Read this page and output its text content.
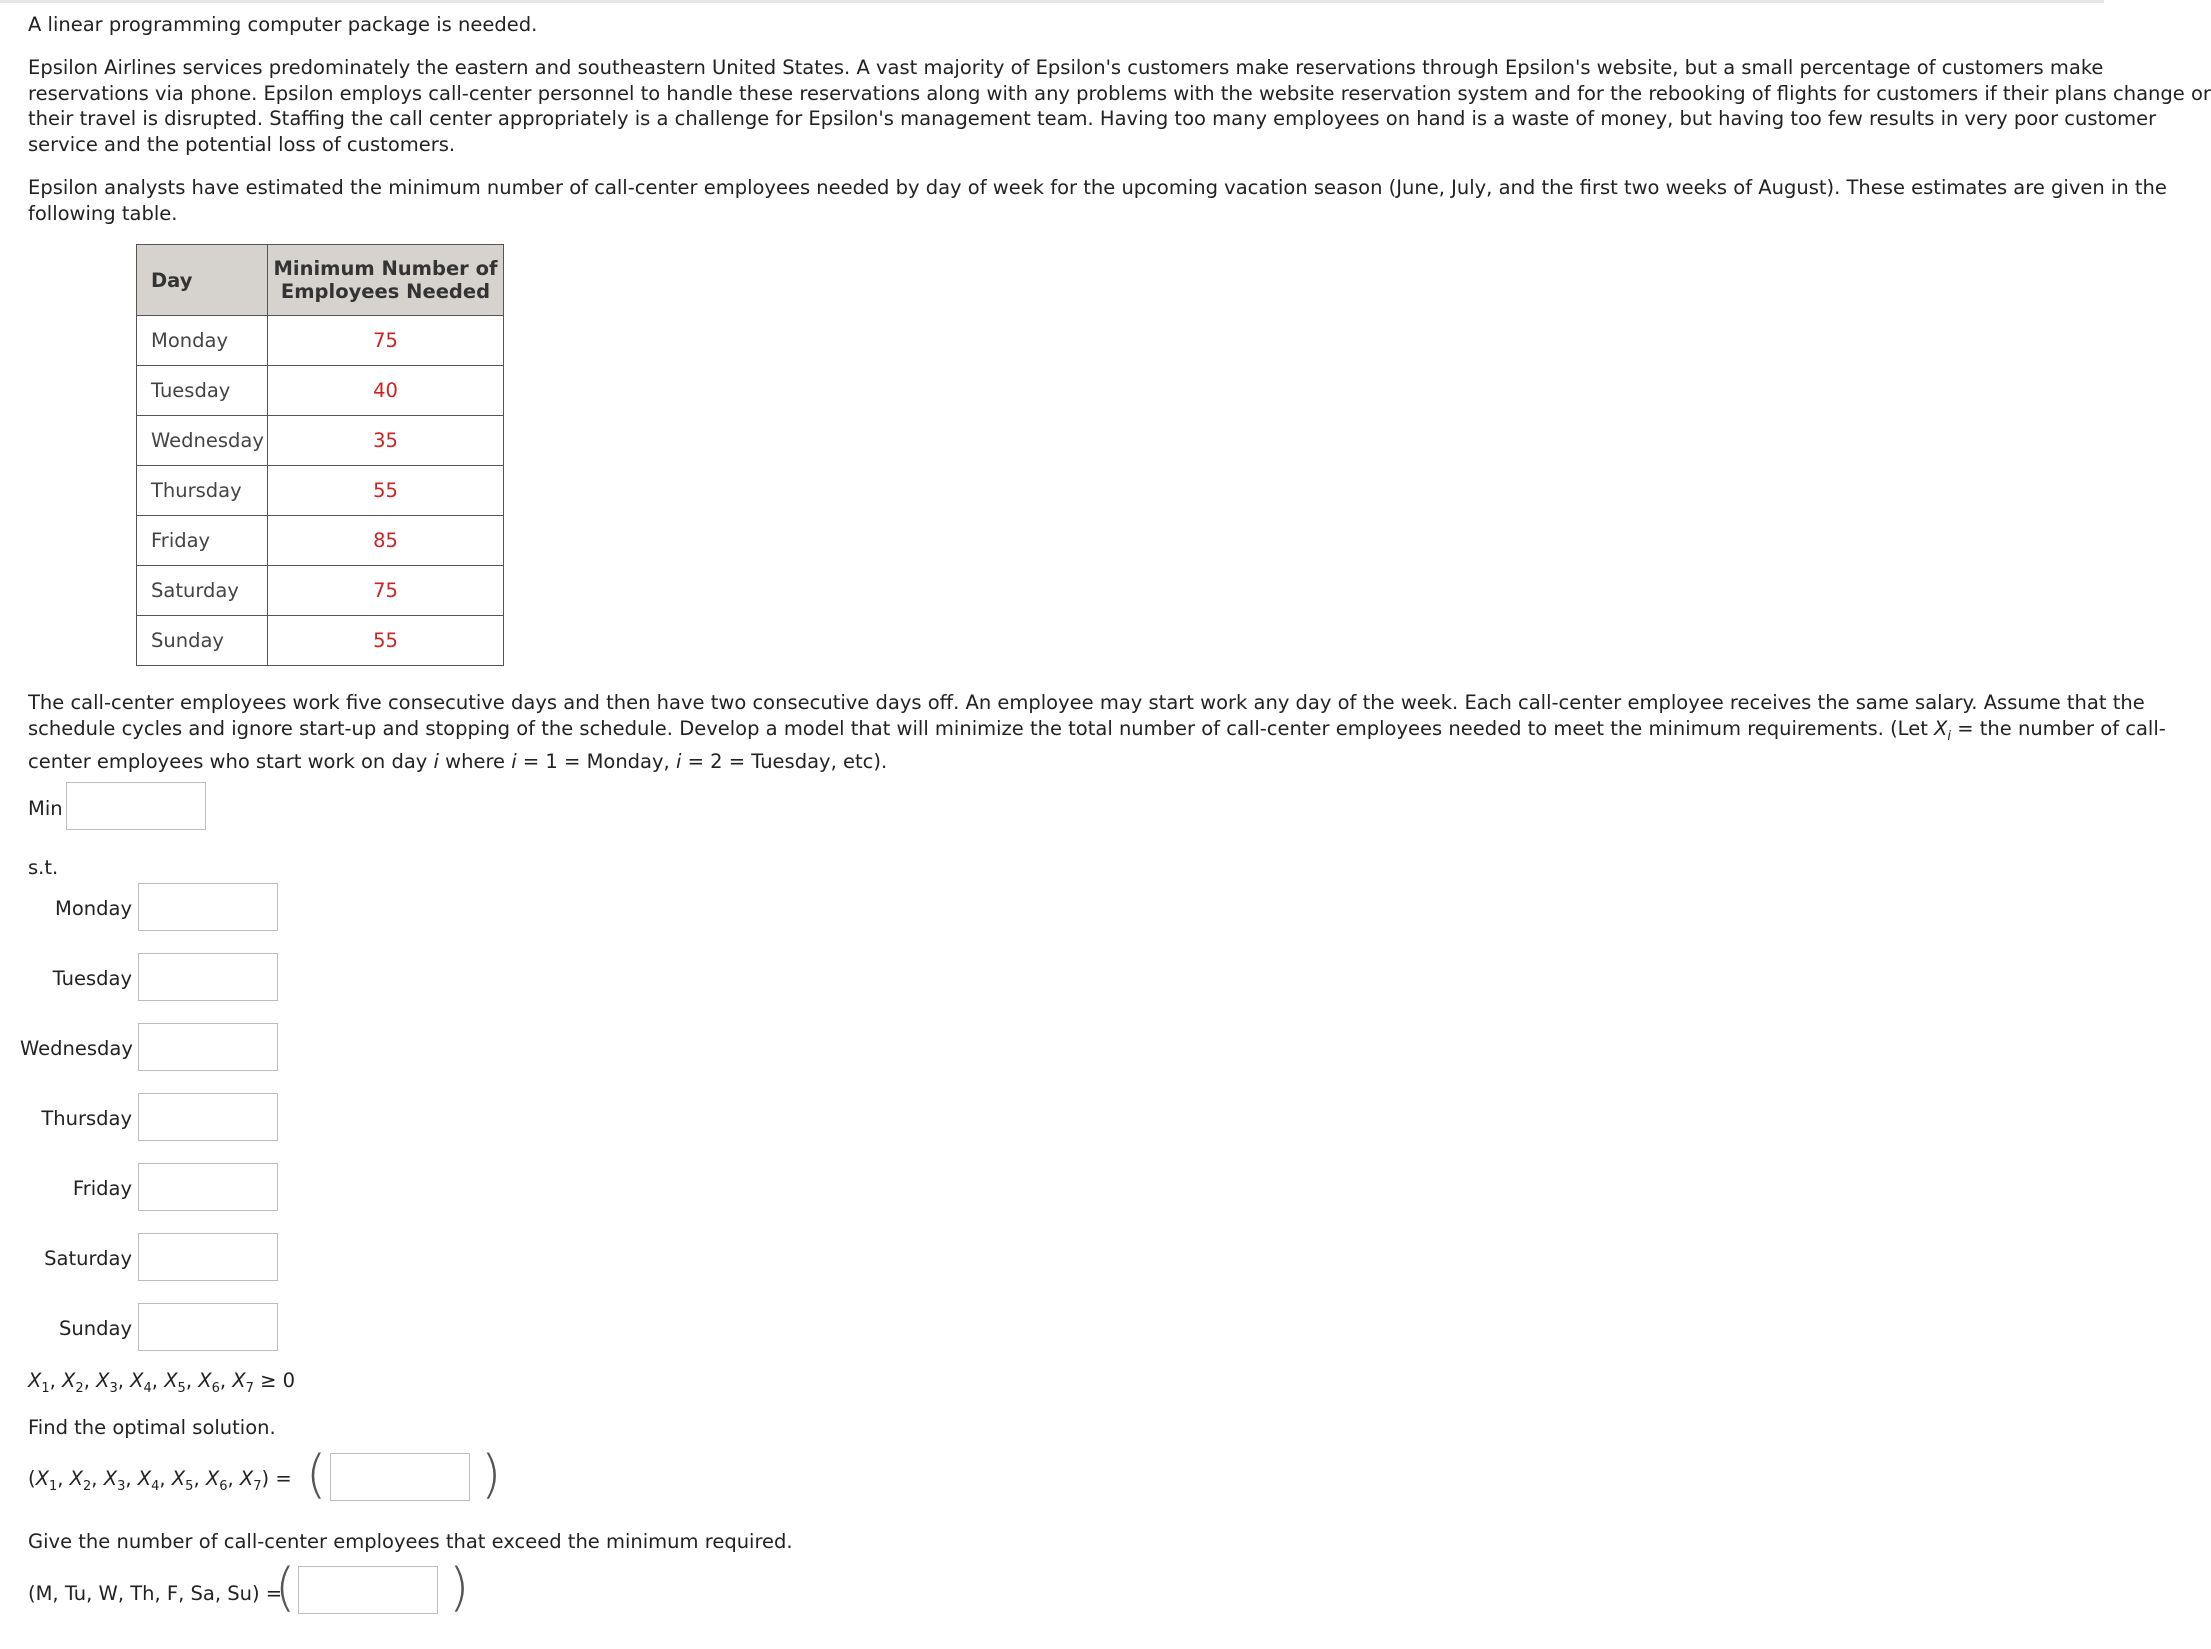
A linear programming computer package is needed.
Epsilon Airlines services predominately the eastern and southeastern United States. A vast majority of Epsilon's customers make reservations through Epsilon's website, but a small percentage of customers make
reservations via phone. Epsilon employs call-center personnel to handle these reservations along with any problems with the website reservation system and for the rebooking of flights for customers if their plans change or
their travel is disrupted. Staffing the call center appropriately is a challenge for Epsilon's management team. Having too many employees on hand is a waste of money, but having too few results in very poor customer
service and the potential loss of customers.
Epsilon analysts have estimated the minimum number of call-center employees needed by day of week for the upcoming vacation season (June, July, and the first two weeks of August). These estimates are given in the
following table.
Day	Minimum Number of
Employees Needed

Monday	75
Tuesday	40
Wednesday	35
Thursday	55
Friday	85
Saturday	75
Sunday	55
The call-center employees work five consecutive days and then have two consecutive days off. An employee may start work any day of the week. Each call-center employee receives the same salary. Assume that the
schedule cycles and ignore start-up and stopping of the schedule. Develop a model that will minimize the total number of call-center employees needed to meet the minimum requirements. (Let $X_i$ = the number of call-
center employees who start work on day i where i = 1 = Monday, i = 2 = Tuesday, etc).
Min
s.t.
Monday
Tuesday
Wednesday
Thursday
Friday
Saturday
Sunday
$X_1$, $X_2$, $X_3$, $X_4$, $X_5$, $X_6$, $X_7 \ge 0$
Find the optimal solution.
($X_1$, $X_2$, $X_3$, $X_4$, $X_5$, $X_6$, $X_7$) = (	)
Give the number of call-center employees that exceed the minimum required.
(M, Tu, W, Th, F, Sa, Su) =
(	)
